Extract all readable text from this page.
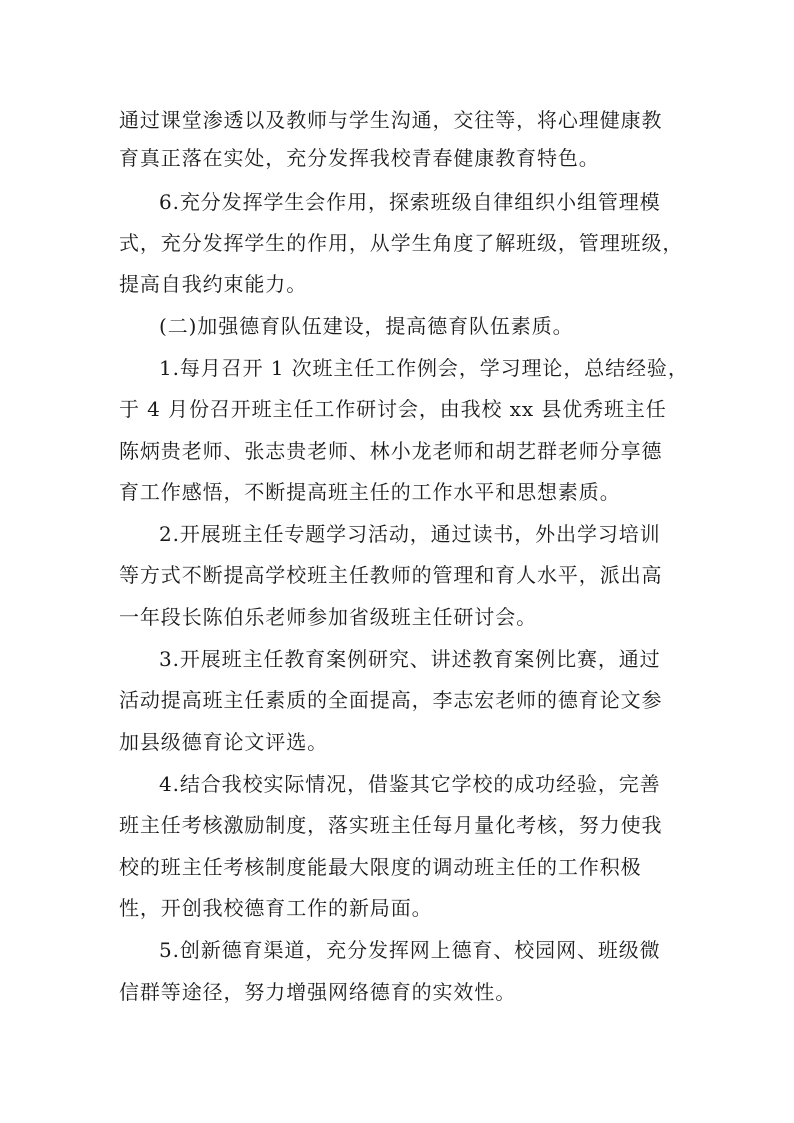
通过课堂渗透以及教师与学生沟通，交往等，将心理健康教
育真正落在实处，充分发挥我校青春健康教育特色。
6.充分发挥学生会作用，探索班级自律组织小组管理模
式，充分发挥学生的作用，从学生角度了解班级，管理班级，
提高自我约束能力。
(二)加强德育队伍建设，提高德育队伍素质。
1.每月召开 1 次班主任工作例会，学习理论，总结经验，
于 4 月份召开班主任工作研讨会，由我校 xx 县优秀班主任
陈炳贵老师、张志贵老师、林小龙老师和胡艺群老师分享德
育工作感悟，不断提高班主任的工作水平和思想素质。
2.开展班主任专题学习活动，通过读书，外出学习培训
等方式不断提高学校班主任教师的管理和育人水平，派出高
一年段长陈伯乐老师参加省级班主任研讨会。
3.开展班主任教育案例研究、讲述教育案例比赛，通过
活动提高班主任素质的全面提高，李志宏老师的德育论文参
加县级德育论文评选。
4.结合我校实际情况，借鉴其它学校的成功经验，完善
班主任考核激励制度，落实班主任每月量化考核，努力使我
校的班主任考核制度能最大限度的调动班主任的工作积极
性，开创我校德育工作的新局面。
5.创新德育渠道，充分发挥网上德育、校园网、班级微
信群等途径，努力增强网络德育的实效性。
